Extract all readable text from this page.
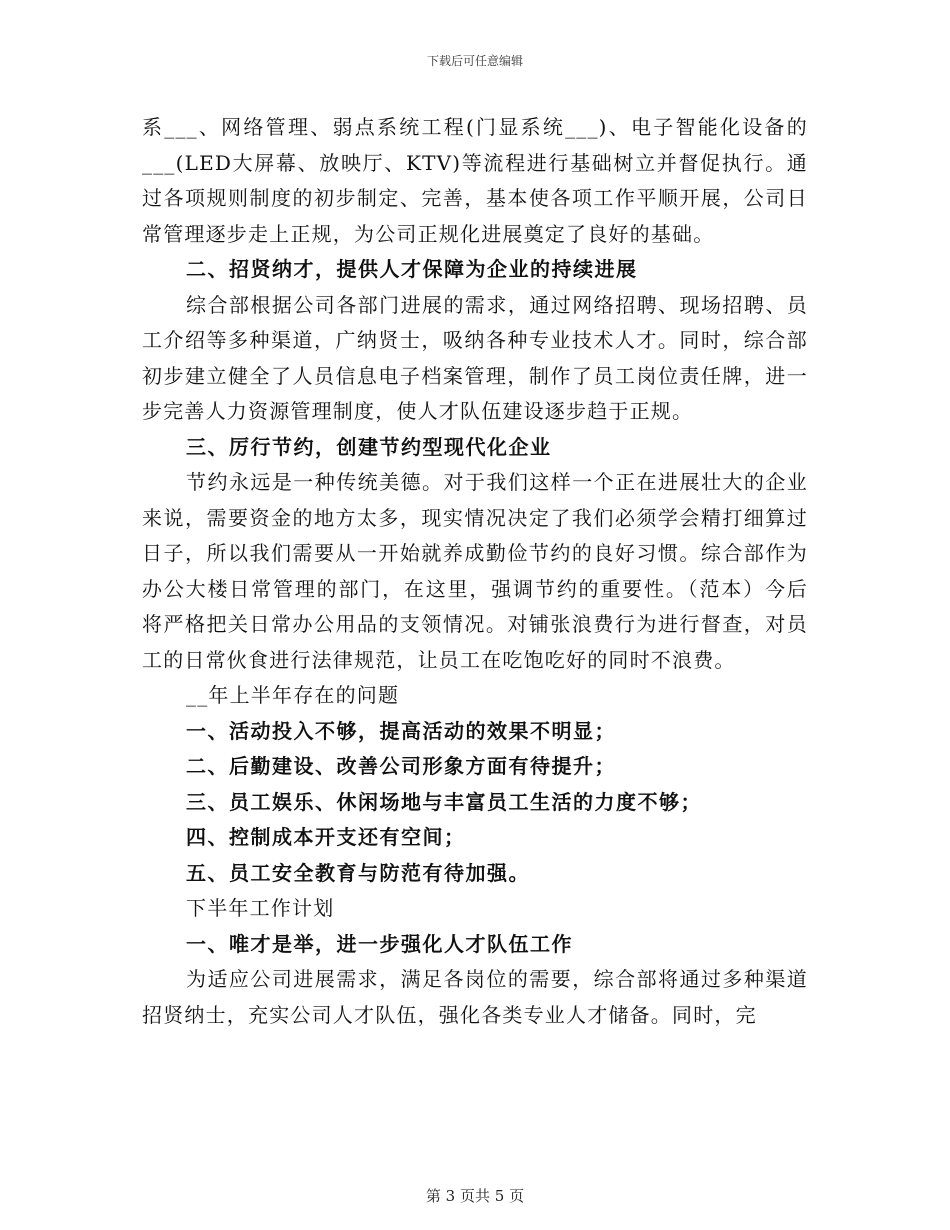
下载后可任意编辑

系___、网络管理、弱点系统工程(门显系统___)、电子智能化设备的___(LED大屏幕、放映厅、KTV)等流程进行基础树立并督促执行。通过各项规则制度的初步制定、完善，基本使各项工作平顺开展，公司日常管理逐步走上正规，为公司正规化进展奠定了良好的基础。

二、招贤纳才，提供人才保障为企业的持续进展

综合部根据公司各部门进展的需求，通过网络招聘、现场招聘、员工介绍等多种渠道，广纳贤士，吸纳各种专业技术人才。同时，综合部初步建立健全了人员信息电子档案管理，制作了员工岗位责任牌，进一步完善人力资源管理制度，使人才队伍建设逐步趋于正规。

三、厉行节约，创建节约型现代化企业

节约永远是一种传统美德。对于我们这样一个正在进展壮大的企业来说，需要资金的地方太多，现实情况决定了我们必须学会精打细算过日子，所以我们需要从一开始就养成勤俭节约的良好习惯。综合部作为办公大楼日常管理的部门，在这里，强调节约的重要性。（范本）今后将严格把关日常办公用品的支领情况。对铺张浪费行为进行督查，对员工的日常伙食进行法律规范，让员工在吃饱吃好的同时不浪费。

__年上半年存在的问题

一、活动投入不够，提高活动的效果不明显；

二、后勤建设、改善公司形象方面有待提升；

三、员工娱乐、休闲场地与丰富员工生活的力度不够；

四、控制成本开支还有空间；

五、员工安全教育与防范有待加强。

下半年工作计划

一、唯才是举，进一步强化人才队伍工作

为适应公司进展需求，满足各岗位的需要，综合部将通过多种渠道招贤纳士，充实公司人才队伍，强化各类专业人才储备。同时，完

第 3 页共 5 页
